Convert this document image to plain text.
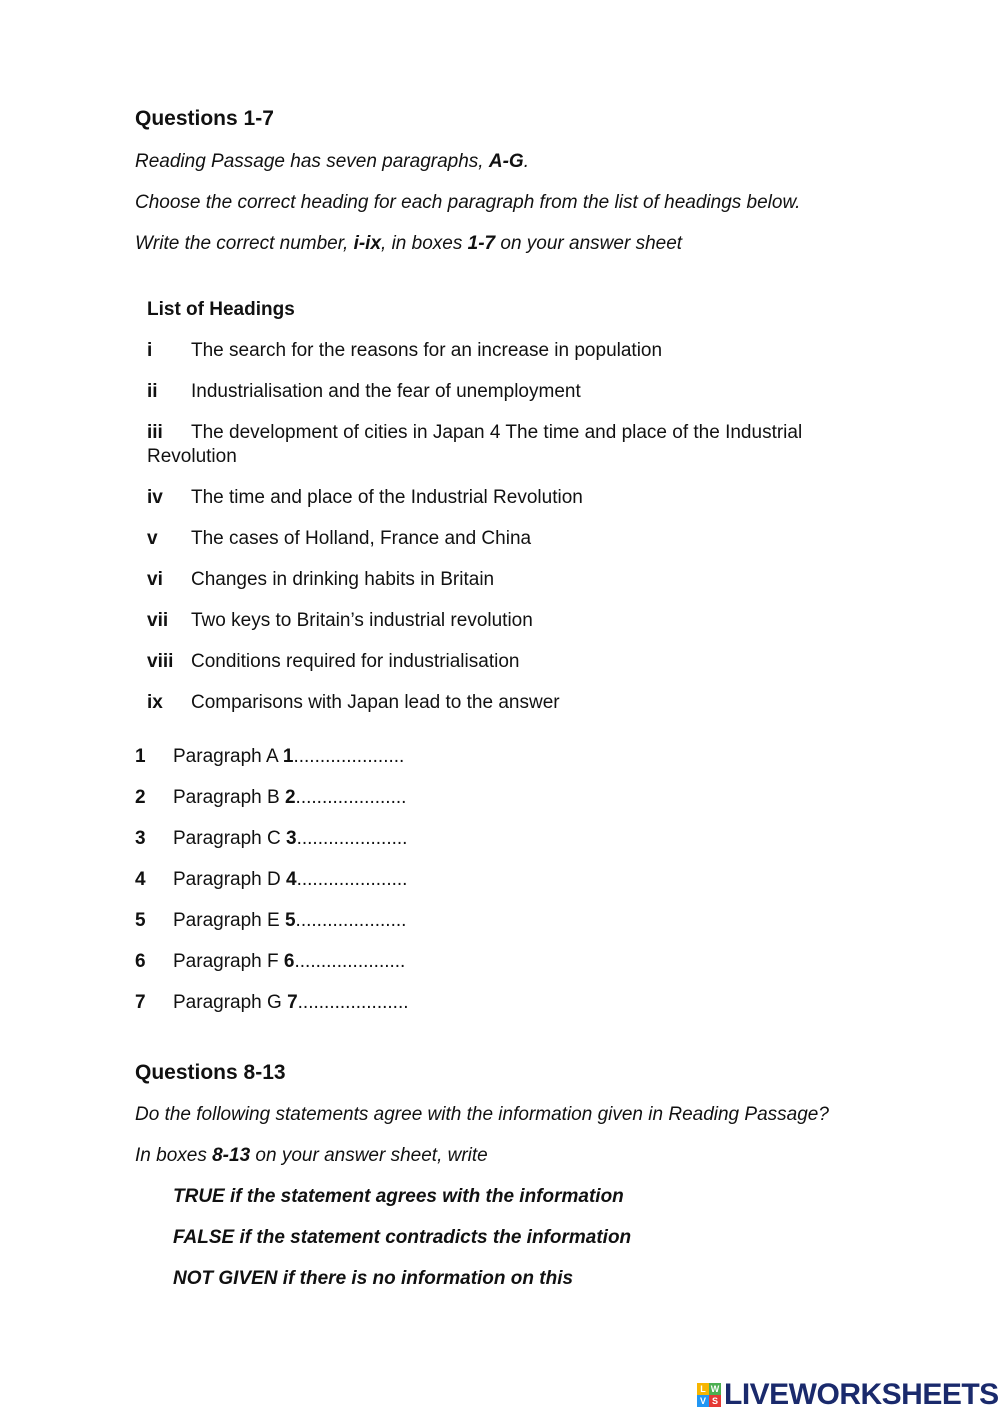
Questions 1-7
Reading Passage has seven paragraphs, A-G.
Choose the correct heading for each paragraph from the list of headings below.
Write the correct number, i-ix, in boxes 1-7 on your answer sheet
List of Headings
i The search for the reasons for an increase in population
ii Industrialisation and the fear of unemployment
iii The development of cities in Japan 4 The time and place of the Industrial Revolution
iv The time and place of the Industrial Revolution
v The cases of Holland, France and China
vi Changes in drinking habits in Britain
vii Two keys to Britain’s industrial revolution
viii Conditions required for industrialisation
ix Comparisons with Japan lead to the answer
1 Paragraph A 1.....................
2 Paragraph B 2.....................
3 Paragraph C 3.....................
4 Paragraph D 4.....................
5 Paragraph E 5.....................
6 Paragraph F 6.....................
7 Paragraph G 7.....................
Questions 8-13
Do the following statements agree with the information given in Reading Passage?
In boxes 8-13 on your answer sheet, write
TRUE if the statement agrees with the information
FALSE if the statement contradicts the information
NOT GIVEN if there is no information on this
L W
V S LIVEWORKSHEETS
